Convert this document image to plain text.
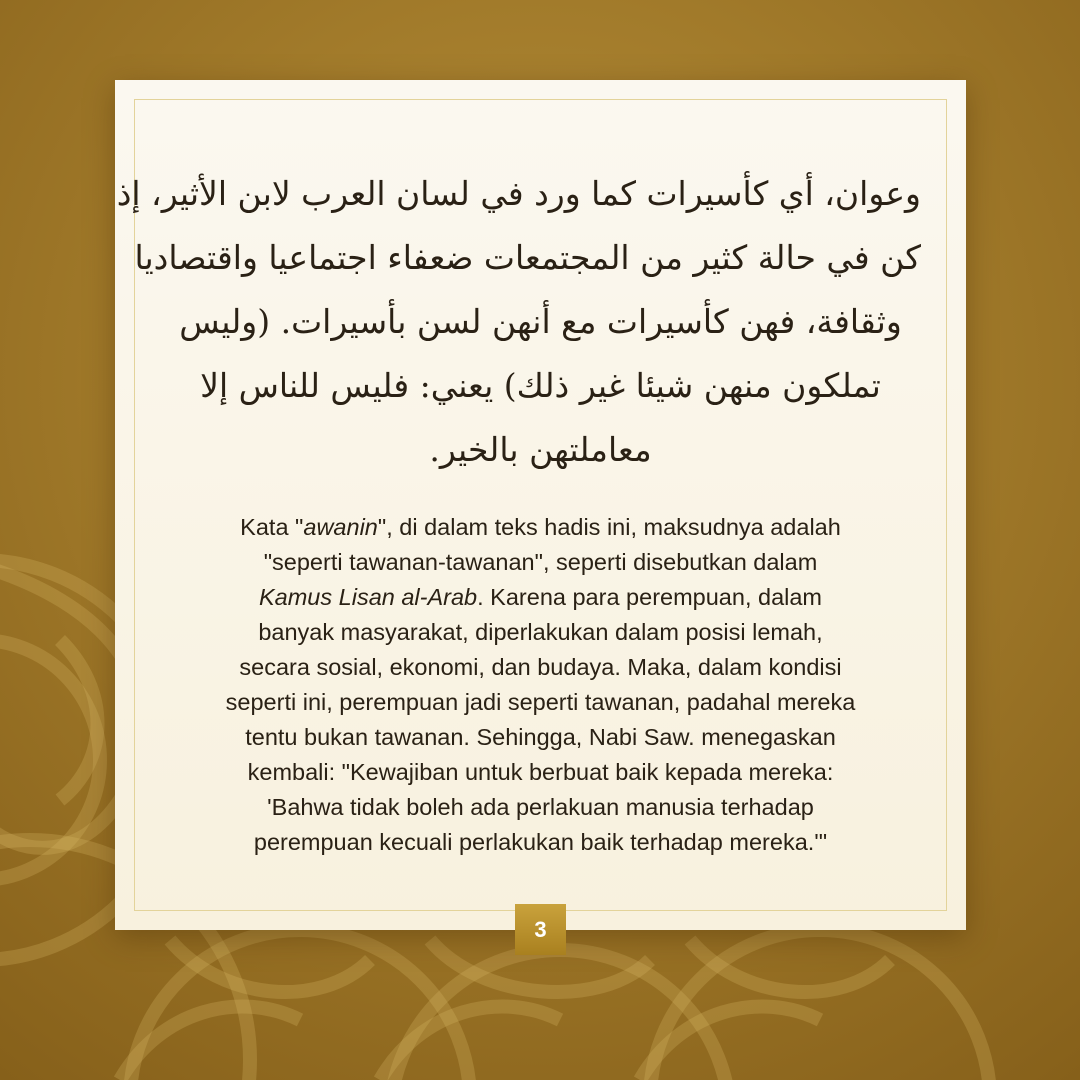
وعوان، أي كأسيرات كما ورد في لسان العرب لابن الأثير، إذ
كن في حالة كثير من المجتمعات ضعفاء اجتماعيا واقتصاديا
وثقافة، فهن كأسيرات مع أنهن لسن بأسيرات. (وليس
تملكون منهن شيئا غير ذلك) يعني: فليس للناس إلا
معاملتهن بالخير.

Kata "awanin", di dalam teks hadis ini, maksudnya adalah
"seperti tawanan-tawanan", seperti disebutkan dalam
Kamus Lisan al-Arab. Karena para perempuan, dalam
banyak masyarakat, diperlakukan dalam posisi lemah,
secara sosial, ekonomi, dan budaya. Maka, dalam kondisi
seperti ini, perempuan jadi seperti tawanan, padahal mereka
tentu bukan tawanan. Sehingga, Nabi Saw. menegaskan
kembali: "Kewajiban untuk berbuat baik kepada mereka:
'Bahwa tidak boleh ada perlakuan manusia terhadap
perempuan kecuali perlakukan baik terhadap mereka.'"

3
